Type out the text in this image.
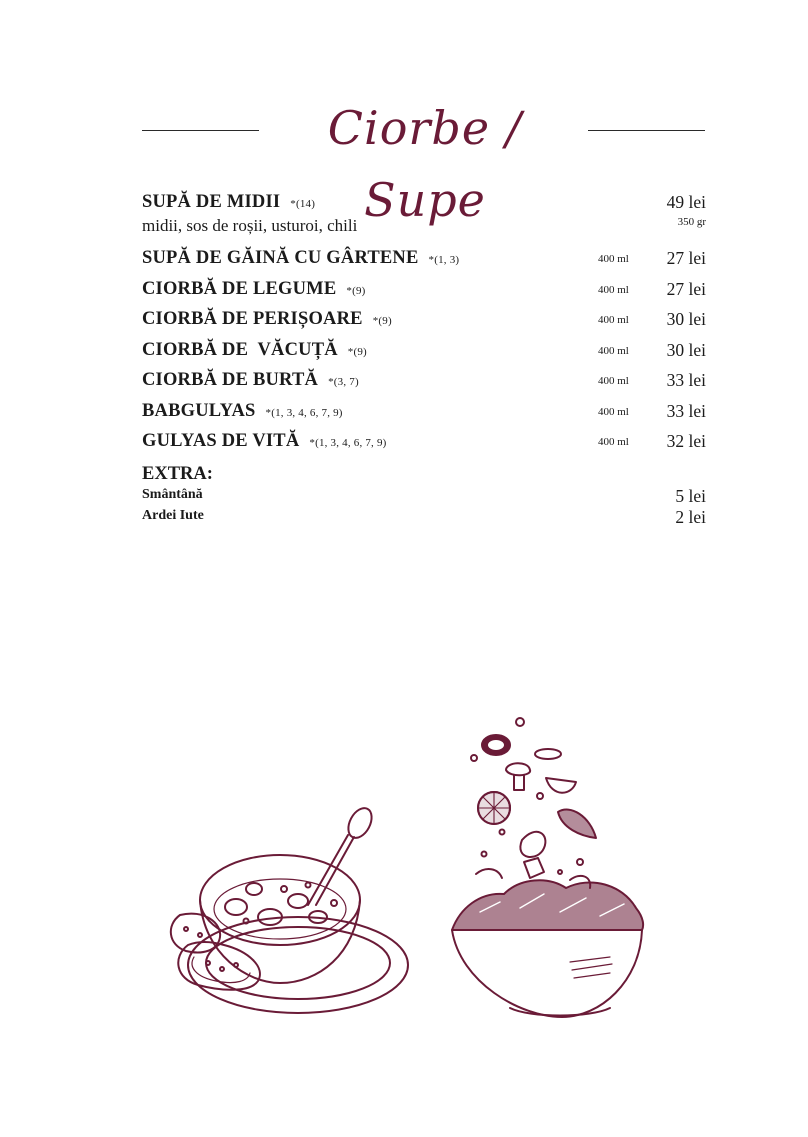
Ciorbe / Supe
SUPĂ DE MIDII *(14)
midii, sos de roșii, usturoi, chili
49 lei
350 gr
SUPĂ DE GĂINĂ CU GÂRTENE *(1, 3)	400 ml 27 lei
CIORBĂ DE LEGUME *(9)	400 ml 27 lei
CIORBĂ DE PERIȘOARE *(9)	400 ml 30 lei
CIORBĂ DE  VĂCUȚĂ *(9)	400 ml 30 lei
CIORBĂ DE BURTĂ *(3, 7)	400 ml 33 lei
BABGULYAS *(1, 3, 4, 6, 7, 9)	400 ml 33 lei
GULYAS DE VITĂ *(1, 3, 4, 6, 7, 9)	400 ml 32 lei
EXTRA:
Smântână	5 lei
Ardei Iute	2 lei
